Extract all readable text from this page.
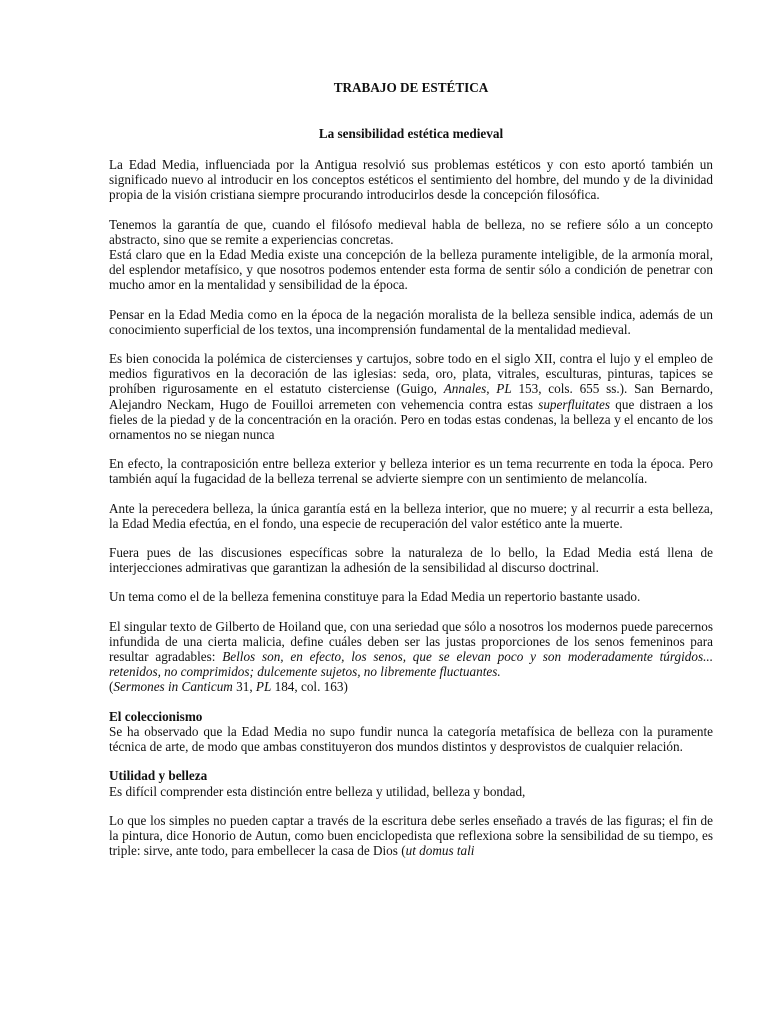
TRABAJO DE ESTÉTICA
La sensibilidad estética medieval

La Edad Media, influenciada por la Antigua resolvió sus problemas estéticos y con esto aportó también un significado nuevo al introducir en los conceptos estéticos el sentimiento del hombre, del mundo y de la divinidad propia de la visión cristiana siempre procurando introducirlos desde la concepción filosófica.

Tenemos la garantía de que, cuando el filósofo medieval habla de belleza, no se refiere sólo a un concepto abstracto, sino que se remite a experiencias concretas.

Está claro que en la Edad Media existe una concepción de la belleza puramente inteligible, de la armonía moral, del esplendor metafísico, y que nosotros podemos entender esta forma de sentir sólo a condición de penetrar con mucho amor en la mentalidad y sensibilidad de la época.

Pensar en la Edad Media como en la época de la negación moralista de la belleza sensible indica, además de un conocimiento superficial de los textos, una incomprensión fundamental de la mentalidad medieval.

Es bien conocida la polémica de cistercienses y cartujos, sobre todo en el siglo XII, contra el lujo y el empleo de medios figurativos en la decoración de las iglesias: seda, oro, plata, vitrales, esculturas, pinturas, tapices se prohíben rigurosamente en el estatuto cisterciense (Guigo, Annales, PL 153, cols. 655 ss.). San Bernardo, Alejandro Neckam, Hugo de Fouilloi arremeten con vehemencia contra estas superfluitates que distraen a los fieles de la piedad y de la concentración en la oración. Pero en todas estas condenas, la belleza y el encanto de los ornamentos no se niegan nunca

En efecto, la contraposición entre belleza exterior y belleza interior es un tema recurrente en toda la época. Pero también aquí la fugacidad de la belleza terrenal se advierte siempre con un sentimiento de melancolía.

Ante la perecedera belleza, la única garantía está en la belleza interior, que no muere; y al recurrir a esta belleza, la Edad Media efectúa, en el fondo, una especie de recuperación del valor estético ante la muerte.

Fuera pues de las discusiones específicas sobre la naturaleza de lo bello, la Edad Media está llena de interjecciones admirativas que garantizan la adhesión de la sensibilidad al discurso doctrinal.

Un tema como el de la belleza femenina constituye para la Edad Media un repertorio bastante usado.

El singular texto de Gilberto de Hoiland que, con una seriedad que sólo a nosotros los modernos puede parecernos infundida de una cierta malicia, define cuáles deben ser las justas proporciones de los senos femeninos para resultar agradables: Bellos son, en efecto, los senos, que se elevan poco y son moderadamente túrgidos... retenidos, no comprimidos; dulcemente sujetos, no libremente fluctuantes.
(Sermones in Canticum 31, PL 184, col. 163)

El coleccionismo
Se ha observado que la Edad Media no supo fundir nunca la categoría metafísica de belleza con la puramente técnica de arte, de modo que ambas constituyeron dos mundos distintos y desprovistos de cualquier relación.

Utilidad y belleza
Es difícil comprender esta distinción entre belleza y utilidad, belleza y bondad,

Lo que los simples no pueden captar a través de la escritura debe serles enseñado a través de las figuras; el fin de la pintura, dice Honorio de Autun, como buen enciclopedista que reflexiona sobre la sensibilidad de su tiempo, es triple: sirve, ante todo, para embellecer la casa de Dios (ut domus tali
